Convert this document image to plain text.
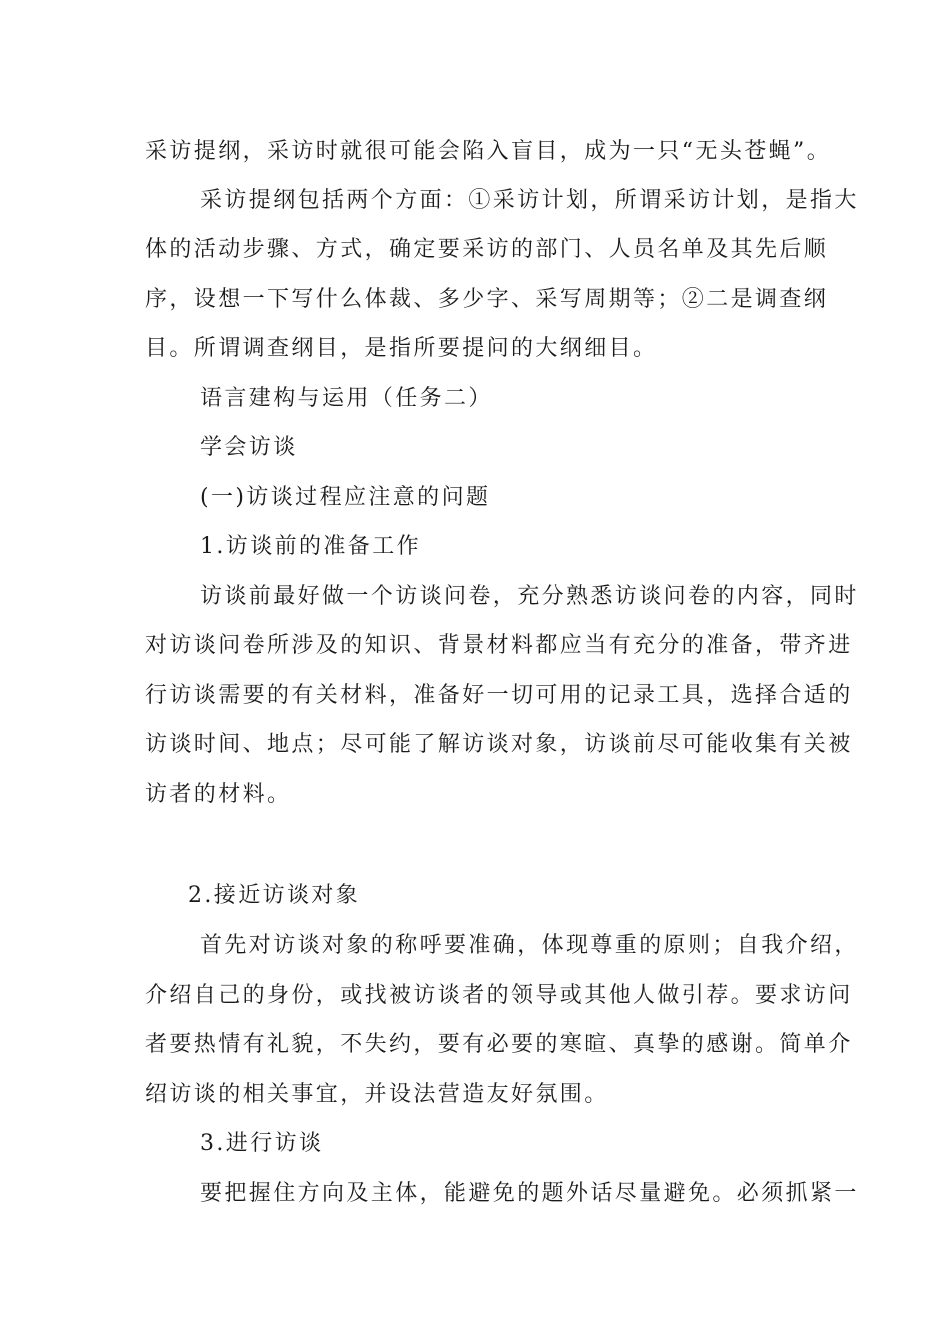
采访提纲，采访时就很可能会陷入盲目，成为一只“无头苍蝇”。
采访提纲包括两个方面：①采访计划，所谓采访计划，是指大
体的活动步骤、方式，确定要采访的部门、人员名单及其先后顺
序，设想一下写什么体裁、多少字、采写周期等；②二是调查纲
目。所谓调查纲目，是指所要提问的大纲细目。
语言建构与运用（任务二）
学会访谈
(一)访谈过程应注意的问题
1.访谈前的准备工作
访谈前最好做一个访谈问卷，充分熟悉访谈问卷的内容，同时
对访谈问卷所涉及的知识、背景材料都应当有充分的准备，带齐进
行访谈需要的有关材料，准备好一切可用的记录工具，选择合适的
访谈时间、地点；尽可能了解访谈对象，访谈前尽可能收集有关被
访者的材料。
2.接近访谈对象
首先对访谈对象的称呼要准确，体现尊重的原则；自我介绍，
介绍自己的身份，或找被访谈者的领导或其他人做引荐。要求访问
者要热情有礼貌，不失约，要有必要的寒暄、真挚的感谢。简单介
绍访谈的相关事宜，并设法营造友好氛围。
3.进行访谈
要把握住方向及主体，能避免的题外话尽量避免。必须抓紧一
